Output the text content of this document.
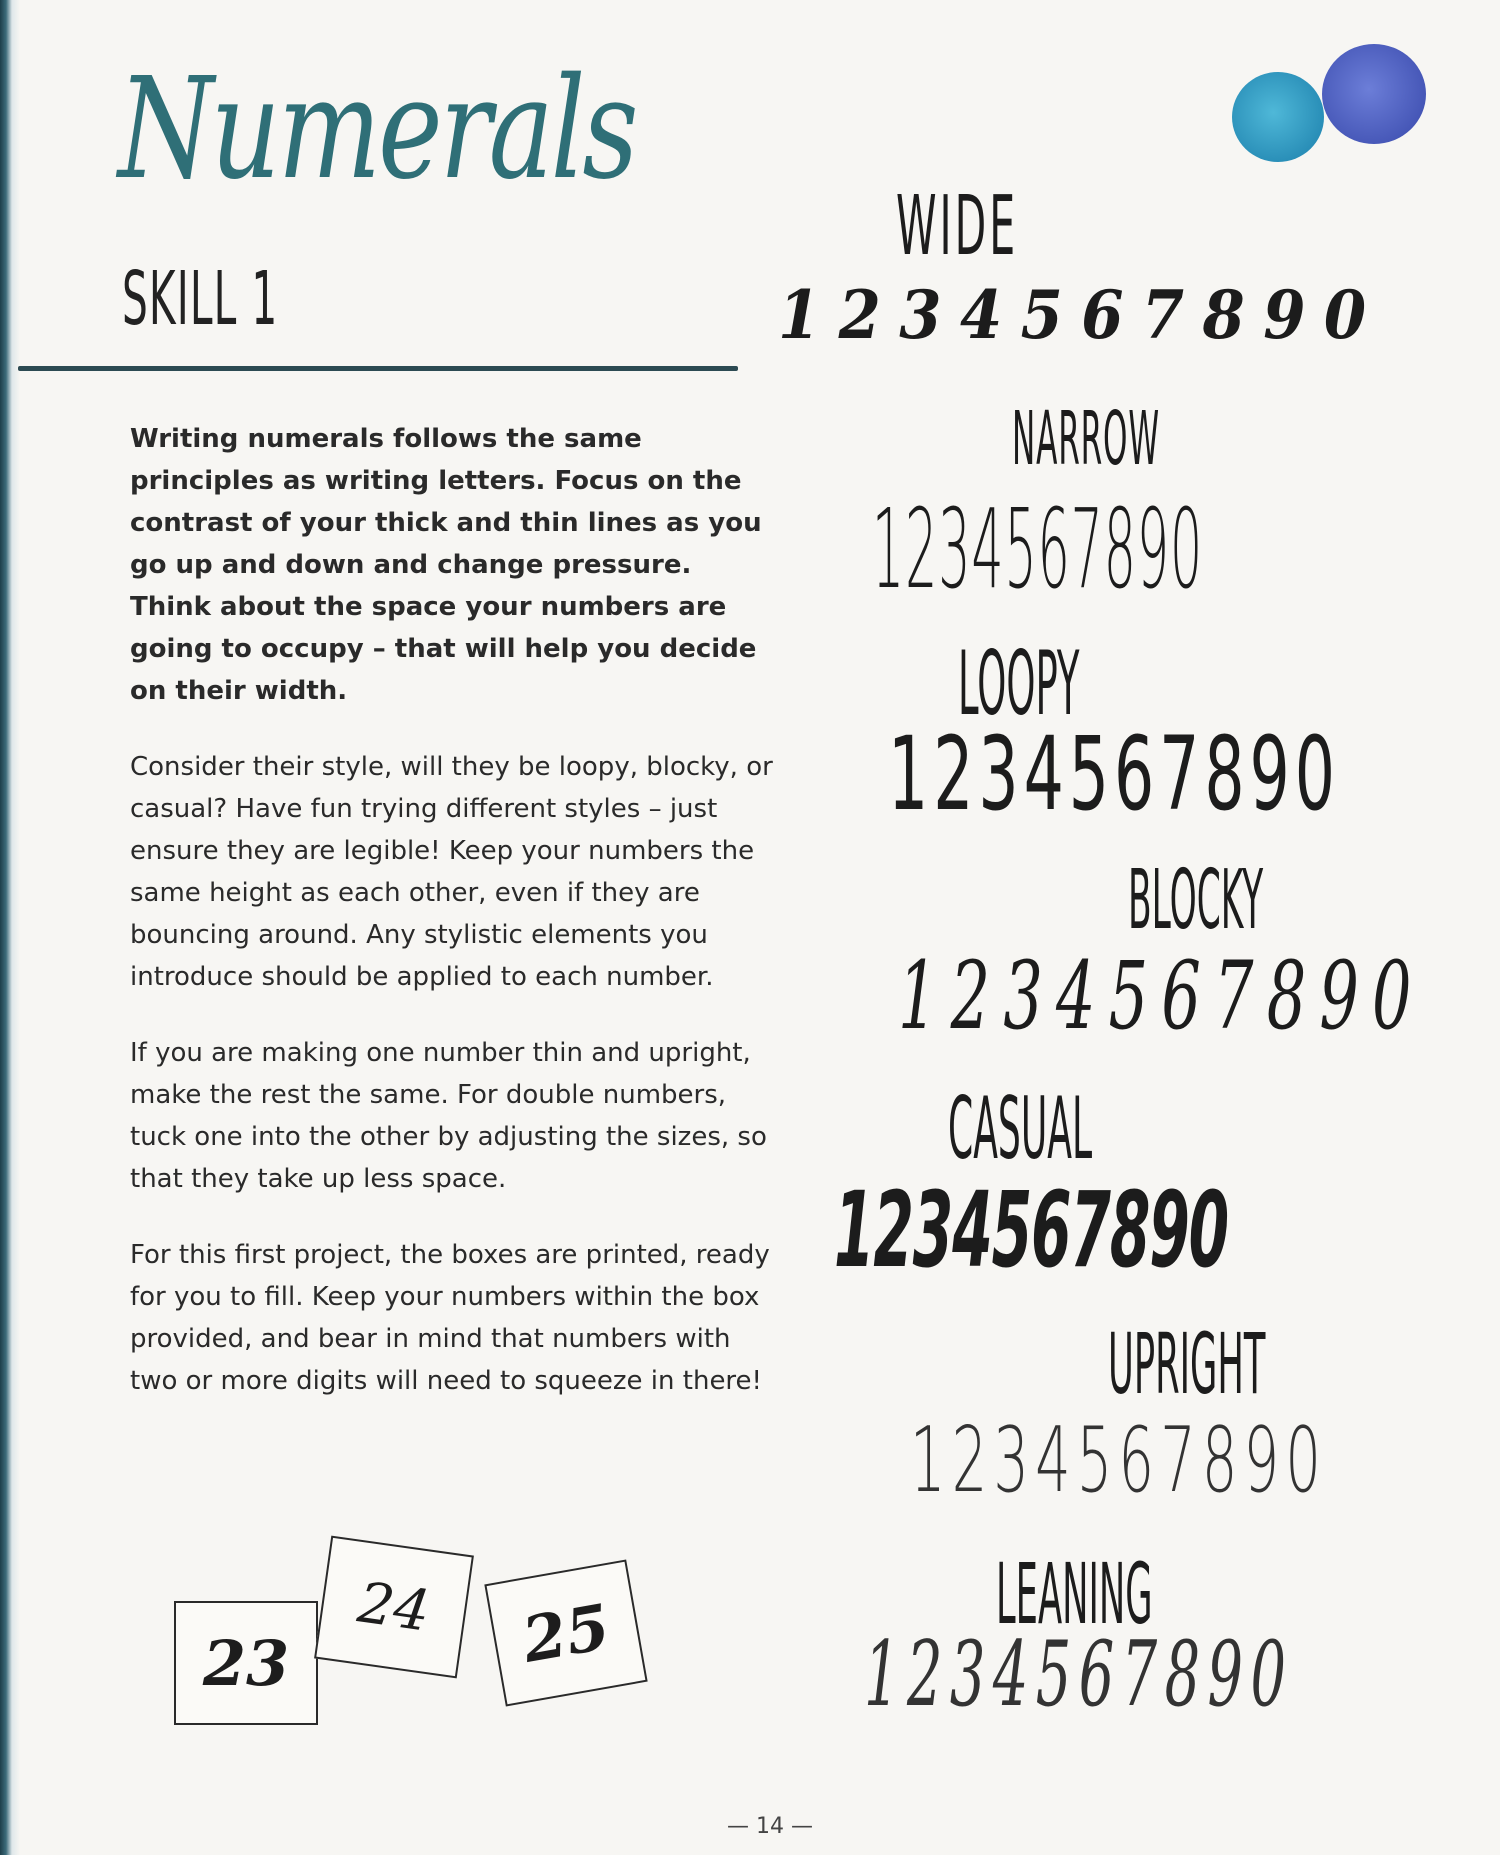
Numerals
SKILL 1

Writing numerals follows the same principles as writing letters. Focus on the contrast of your thick and thin lines as you go up and down and change pressure. Think about the space your numbers are going to occupy – that will help you decide on their width.

Consider their style, will they be loopy, blocky, or casual? Have fun trying different styles – just ensure they are legible! Keep your numbers the same height as each other, even if they are bouncing around. Any stylistic elements you introduce should be applied to each number.

If you are making one number thin and upright, make the rest the same. For double numbers, tuck one into the other by adjusting the sizes, so that they take up less space.

For this first project, the boxes are printed, ready for you to fill. Keep your numbers within the box provided, and bear in mind that numbers with two or more digits will need to squeeze in there!

WIDE
1234567890
NARROW
1234567890
LOOPY
1234567890
BLOCKY
1234567890
CASUAL
1234567890
UPRIGHT
1234567890
LEANING
1234567890
23
24	25
— 14 —
